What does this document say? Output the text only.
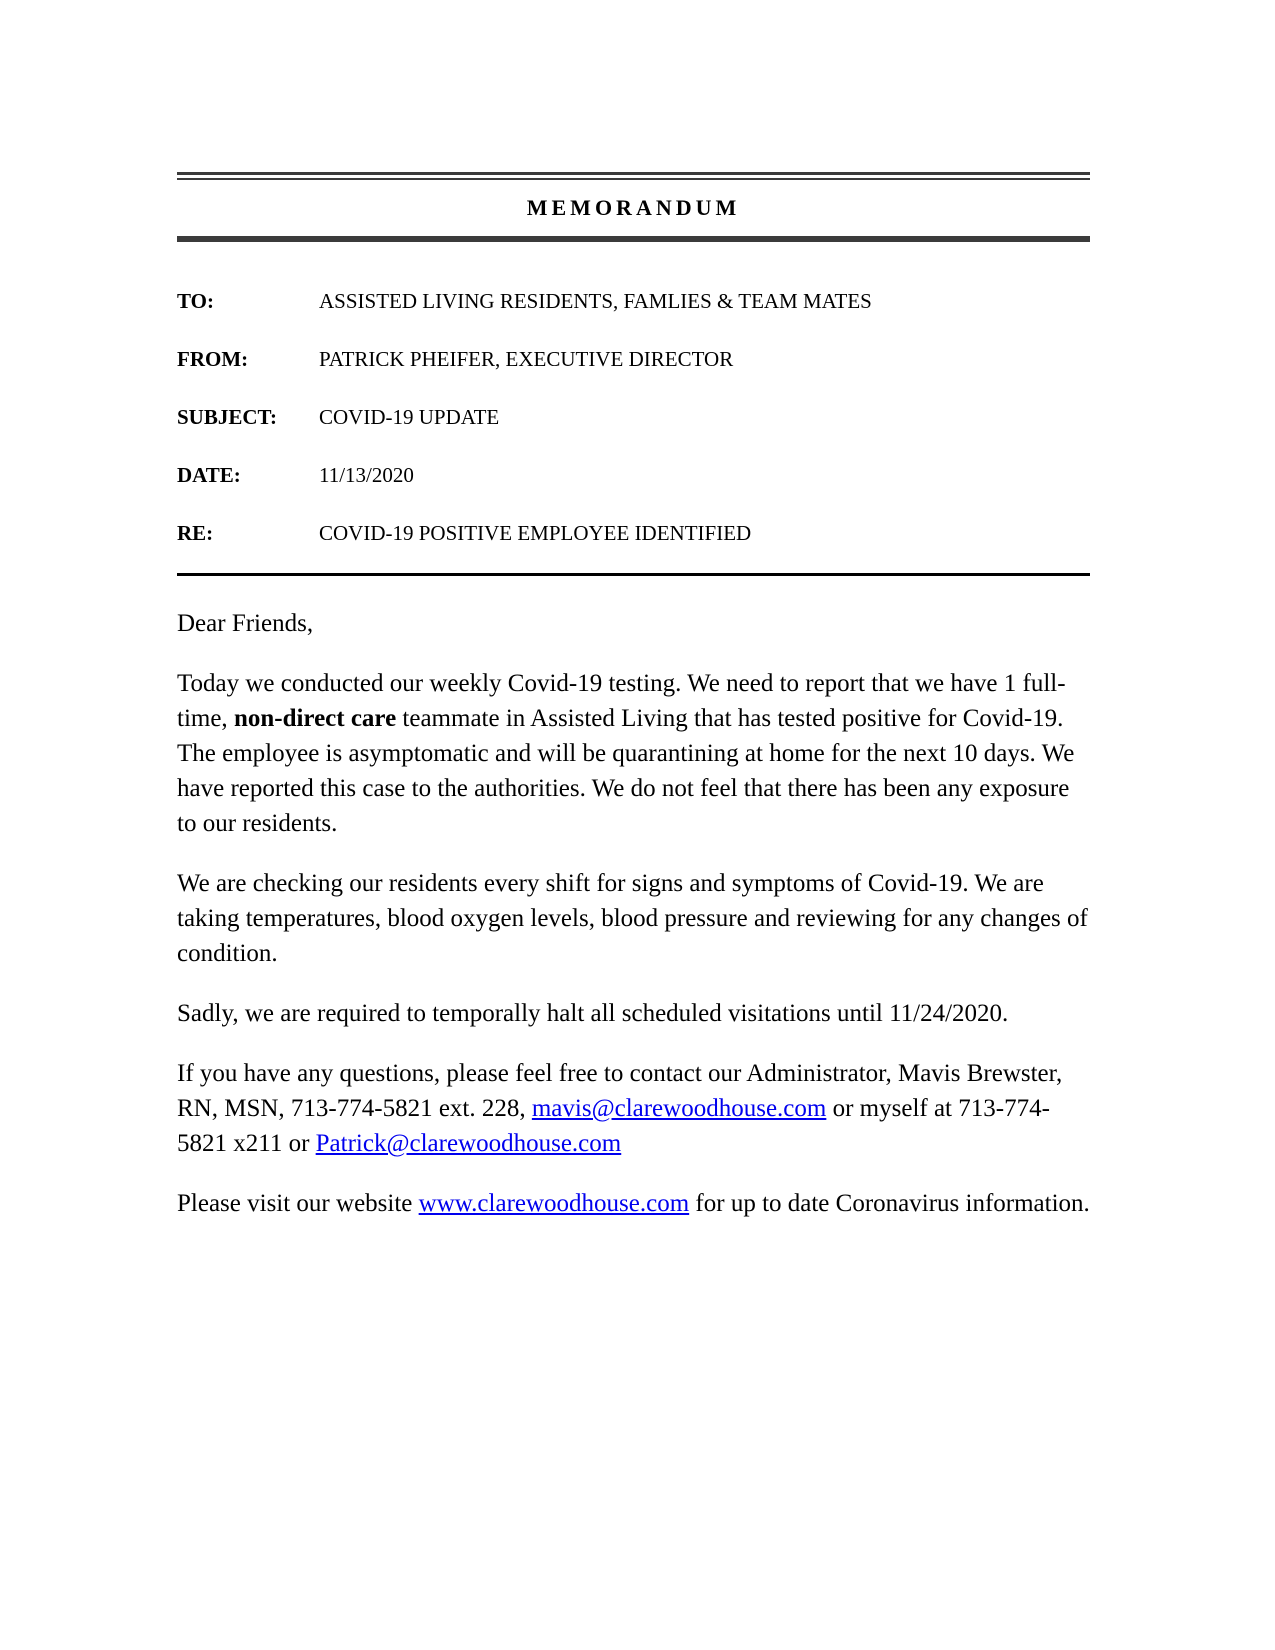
MEMORANDUM
TO:	ASSISTED LIVING RESIDENTS, FAMLIES & TEAM MATES
FROM:	PATRICK PHEIFER, EXECUTIVE DIRECTOR
SUBJECT:	COVID-19 UPDATE
DATE:	11/13/2020
RE:	COVID-19 POSITIVE EMPLOYEE IDENTIFIED

Dear Friends,

Today we conducted our weekly Covid-19 testing. We need to report that we have 1 full-time, non-direct care teammate in Assisted Living that has tested positive for Covid-19. The employee is asymptomatic and will be quarantining at home for the next 10 days. We have reported this case to the authorities. We do not feel that there has been any exposure to our residents.

We are checking our residents every shift for signs and symptoms of Covid-19. We are taking temperatures, blood oxygen levels, blood pressure and reviewing for any changes of condition.

Sadly, we are required to temporally halt all scheduled visitations until 11/24/2020.

If you have any questions, please feel free to contact our Administrator, Mavis Brewster, RN, MSN, 713-774-5821 ext. 228, mavis@clarewoodhouse.com or myself at 713-774-5821 x211 or Patrick@clarewoodhouse.com

Please visit our website www.clarewoodhouse.com for up to date Coronavirus information.
